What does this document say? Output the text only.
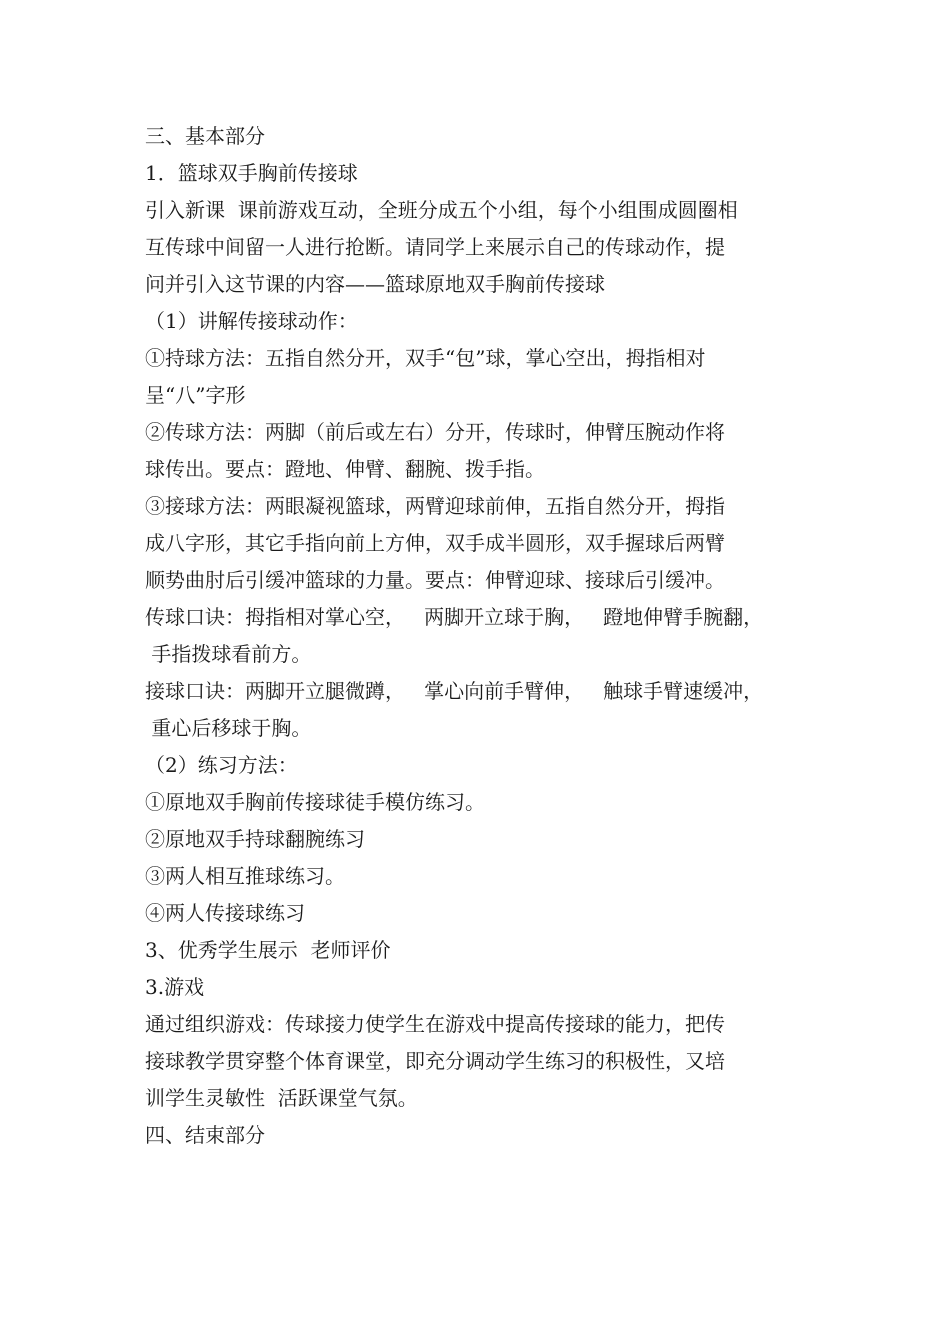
三、基本部分
1．篮球双手胸前传接球
引入新课  课前游戏互动，全班分成五个小组，每个小组围成圆圈相
互传球中间留一人进行抢断。请同学上来展示自己的传球动作，提
问并引入这节课的内容——篮球原地双手胸前传接球
（1）讲解传接球动作：
①持球方法：五指自然分开，双手“包”球，掌心空出，拇指相对
呈“八”字形
②传球方法：两脚（前后或左右）分开，传球时，伸臂压腕动作将
球传出。要点：蹬地、伸臂、翻腕、拨手指。
③接球方法：两眼凝视篮球，两臂迎球前伸，五指自然分开，拇指
成八字形，其它手指向前上方伸，双手成半圆形，双手握球后两臂
顺势曲肘后引缓冲篮球的力量。要点：伸臂迎球、接球后引缓冲。
传球口诀：拇指相对掌心空，   两脚开立球于胸，   蹬地伸臂手腕翻，
手指拨球看前方。
接球口诀：两脚开立腿微蹲，   掌心向前手臂伸，   触球手臂速缓冲，
重心后移球于胸。
（2）练习方法：
①原地双手胸前传接球徒手模仿练习。
②原地双手持球翻腕练习
③两人相互推球练习。
④两人传接球练习
3、优秀学生展示  老师评价
3.游戏
通过组织游戏：传球接力使学生在游戏中提高传接球的能力，把传
接球教学贯穿整个体育课堂，即充分调动学生练习的积极性，又培
训学生灵敏性  活跃课堂气氛。
四、结束部分
